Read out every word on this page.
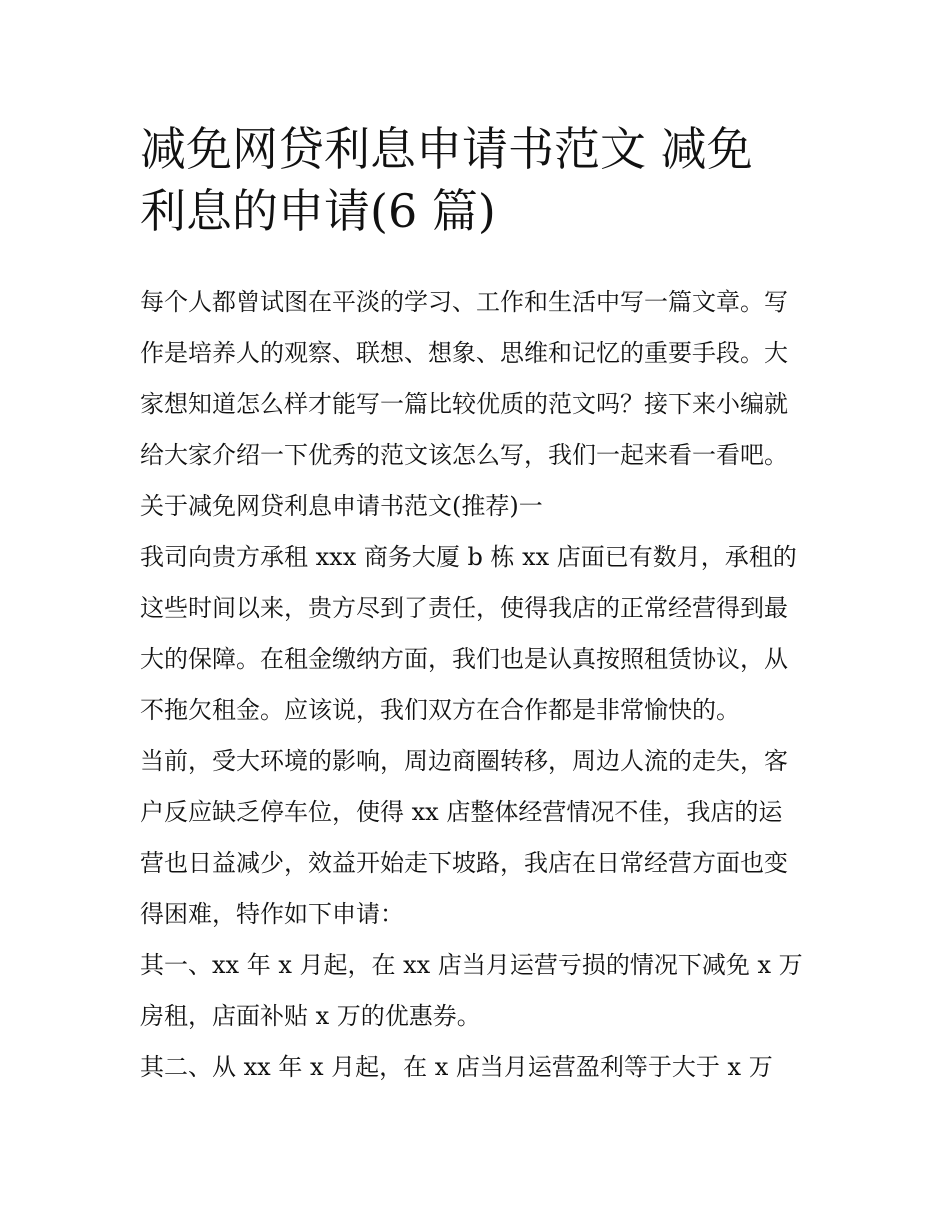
减免网贷利息申请书范文 减免
利息的申请(6 篇)
每个人都曾试图在平淡的学习、工作和生活中写一篇文章。写
作是培养人的观察、联想、想象、思维和记忆的重要手段。大
家想知道怎么样才能写一篇比较优质的范文吗？接下来小编就
给大家介绍一下优秀的范文该怎么写，我们一起来看一看吧。
关于减免网贷利息申请书范文(推荐)一
我司向贵方承租 xxx 商务大厦 b 栋 xx 店面已有数月，承租的
这些时间以来，贵方尽到了责任，使得我店的正常经营得到最
大的保障。在租金缴纳方面，我们也是认真按照租赁协议，从
不拖欠租金。应该说，我们双方在合作都是非常愉快的。
当前，受大环境的影响，周边商圈转移，周边人流的走失，客
户反应缺乏停车位，使得 xx 店整体经营情况不佳，我店的运
营也日益减少，效益开始走下坡路，我店在日常经营方面也变
得困难，特作如下申请：
其一、xx 年 x 月起，在 xx 店当月运营亏损的情况下减免 x 万
房租，店面补贴 x 万的优惠券。
其二、从 xx 年 x 月起，在 x 店当月运营盈利等于大于 x 万
